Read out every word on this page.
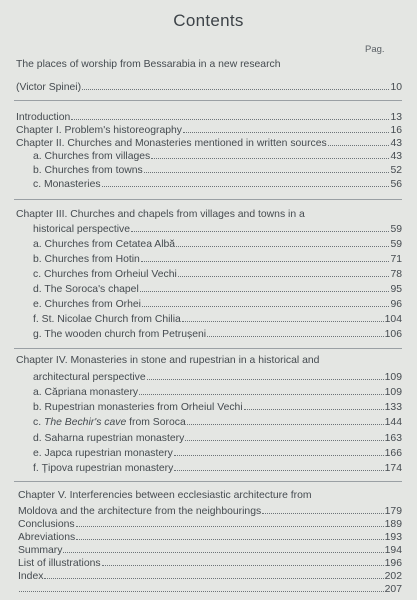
Contents
Pag.
The places of worship from Bessarabia in a new research
(Victor Spinei)	10
Introduction	13
Chapter I. Problem's historeography	16
Chapter II. Churches and Monasteries mentioned in written sources	43
a. Churches from villages	43
b. Churches from towns	52
c. Monasteries	56
Chapter III. Churches and chapels from villages and towns in a
historical perspective	59
a. Churches from Cetatea Albă	59
b. Churches from Hotin	71
c. Churches from Orheiul Vechi	78
d. The Soroca's chapel	95
e. Churches from Orhei	96
f. St. Nicolae Church from Chilia	104
g. The wooden church from Petrușeni	106
Chapter IV. Monasteries in stone and rupestrian in a historical and
architectural perspective	109
a. Căpriana monastery	109
b. Rupestrian monasteries from Orheiul Vechi	133
c. The Bechir's cave from Soroca	144
d. Saharna rupestrian monastery	163
e. Japca rupestrian monastery	166
f. Țipova rupestrian monastery	174
Chapter V. Interferencies between ecclesiastic architecture from
Moldova and the architecture from the neighbourings	179
Conclusions	189
Abreviations	193
Summary	194
List of illustrations	196
Index	202
207
